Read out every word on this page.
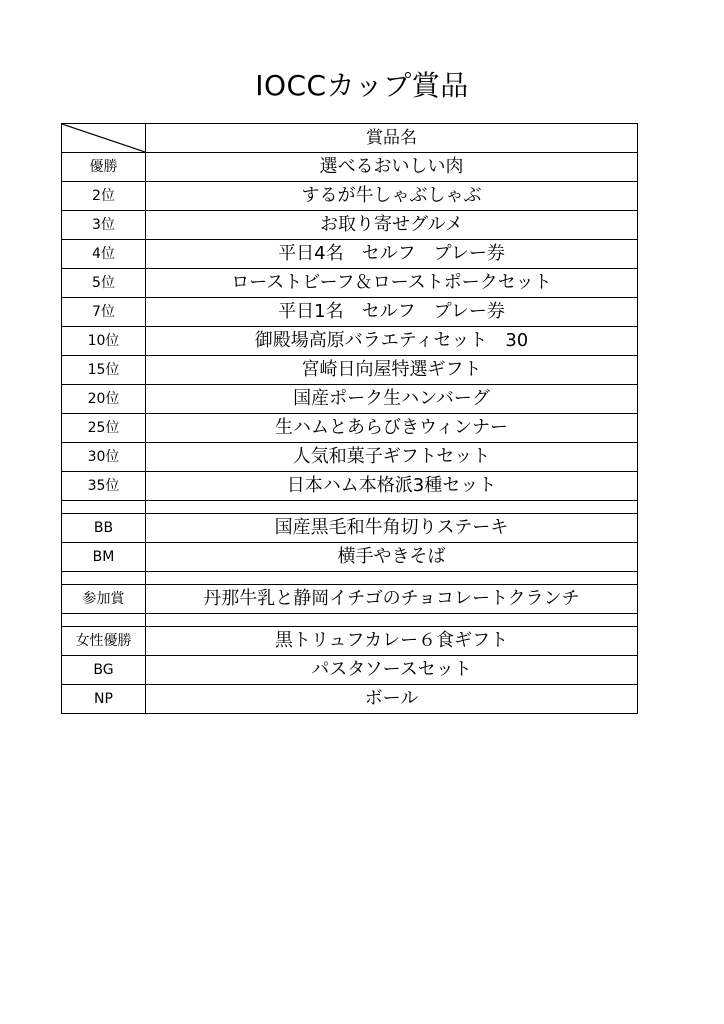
IOCCカップ賞品
	賞品名
優勝	選べるおいしい肉
2位	するが牛しゃぶしゃぶ
3位	お取り寄せグルメ
4位	平日4名　セルフ　プレー券
5位	ローストビーフ＆ローストポークセット
7位	平日1名　セルフ　プレー券
10位	御殿場高原バラエティセット　30
15位	宮崎日向屋特選ギフト
20位	国産ポーク生ハンバーグ
25位	生ハムとあらびきウィンナー
30位	人気和菓子ギフトセット
35位	日本ハム本格派3種セット

BB	国産黒毛和牛角切りステーキ
BM	横手やきそば

参加賞	丹那牛乳と静岡イチゴのチョコレートクランチ

女性優勝	黒トリュフカレー６食ギフト
BG	パスタソースセット
NP	ボール
